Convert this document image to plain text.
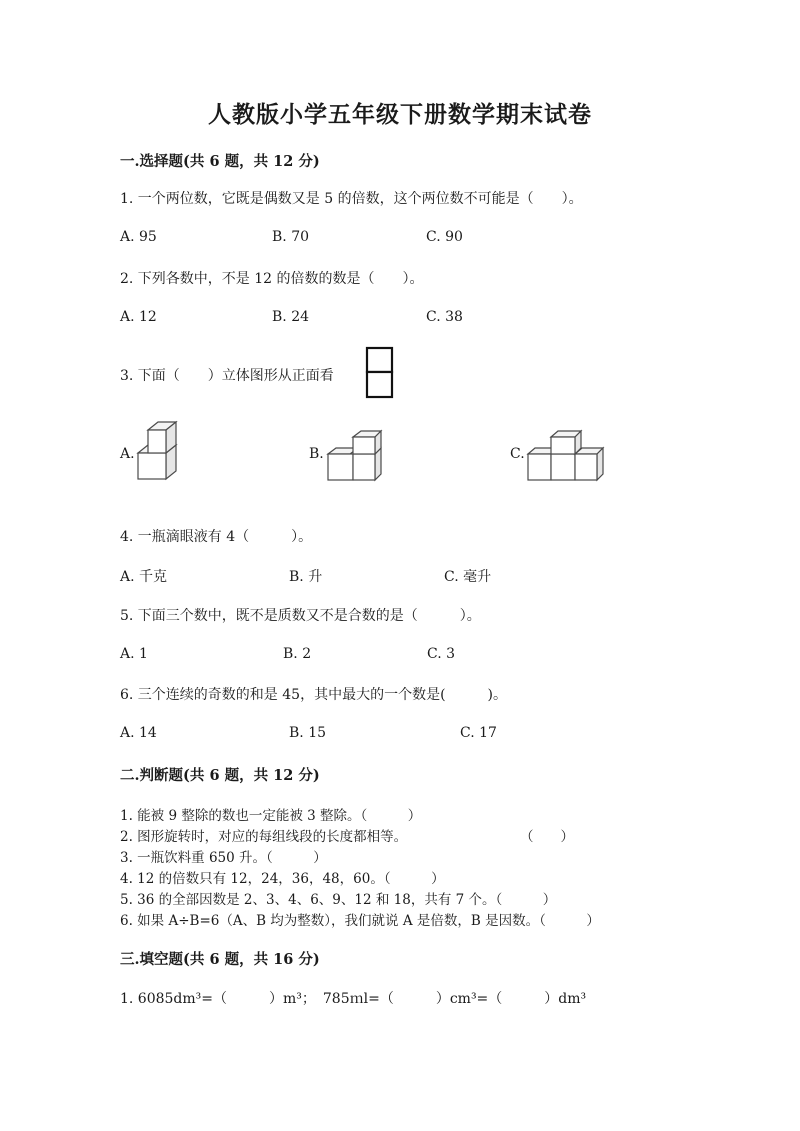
人教版小学五年级下册数学期末试卷
一.选择题(共 6 题，共 12 分)
1. 一个两位数，它既是偶数又是 5 的倍数，这个两位数不可能是（　　）。
A. 95	B. 70	C. 90
2. 下列各数中，不是 12 的倍数的数是（　　）。
A. 12	B. 24	C. 38
3. 下面（　　）立体图形从正面看
A.	B.	C.
4. 一瓶滴眼液有 4（　　　）。
A. 千克	B. 升	C. 毫升
5. 下面三个数中，既不是质数又不是合数的是（　　　）。
A. 1	B. 2	C. 3
6. 三个连续的奇数的和是 45，其中最大的一个数是(　　　)。
A. 14	B. 15	C. 17
二.判断题(共 6 题，共 12 分)
1. 能被 9 整除的数也一定能被 3 整除。（　　　）
2. 图形旋转时，对应的每组线段的长度都相等。	（　　）
3. 一瓶饮料重 650 升。（　　　）
4. 12 的倍数只有 12，24，36，48，60。（　　　）
5. 36 的全部因数是 2、3、4、6、9、12 和 18，共有 7 个。（　　　）
6. 如果 A÷B=6（A、B 均为整数），我们就说 A 是倍数，B 是因数。（　　　）
三.填空题(共 6 题，共 16 分)
1. 6085dm³=（　　　）m³；　785ｍl=（　　　）cm³=（　　　）dm³
